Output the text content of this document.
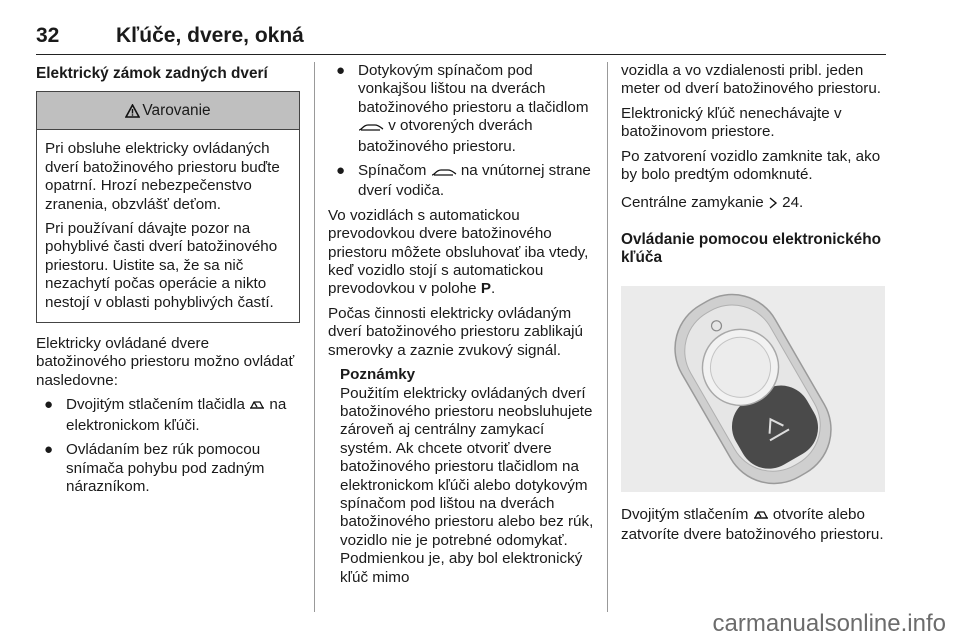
32	Kľúče, dvere, okná
Elektrický zámok zadných dverí
Varovanie

Pri obsluhe elektricky ovládaných dverí batožinového priestoru buďte opatrní. Hrozí nebezpečenstvo zranenia, obzvlášť deťom.

Pri používaní dávajte pozor na pohyblivé časti dverí batožinového priestoru. Uistite sa, že sa nič nezachytí počas operácie a nikto nestojí v oblasti pohyblivých častí.

Elektricky ovládané dvere batožinového priestoru možno ovládať nasledovne:

● Dvojitým stlačením tlačidla na elektronickom kľúči.
● Ovládaním bez rúk pomocou snímača pohybu pod zadným nárazníkom.
● Dotykovým spínačom pod vonkajšou lištou na dverách batožinového priestoru a tlačidlom  v otvorených dverách batožinového priestoru.
● Spínačom na vnútornej strane dverí vodiča.

Vo vozidlách s automatickou prevodovkou dvere batožinového priestoru môžete obsluhovať iba vtedy, keď vozidlo stojí s automatickou prevodovkou v polohe P.

Počas činnosti elektricky ovládaným dverí batožinového priestoru zablikajú smerovky a zaznie zvukový signál.

Poznámky
Použitím elektricky ovládaných dverí batožinového priestoru neobsluhujete zároveň aj centrálny zamykací systém. Ak chcete otvoriť dvere batožinového priestoru tlačidlom na elektronickom kľúči alebo dotykovým spínačom pod lištou na dverách batožinového priestoru alebo bez rúk, vozidlo nie je potrebné odomykať. Podmienkou je, aby bol elektronický kľúč mimo

vozidla a vo vzdialenosti pribl. jeden meter od dverí batožinového priestoru.

Elektronický kľúč nenechávajte v batožinovom priestore.

Po zatvorení vozidlo zamknite tak, ako by bolo predtým odomknuté.

Centrálne zamykanie 24.

Ovládanie pomocou elektronického kľúča

Dvojitým stlačením otvoríte alebo zatvoríte dvere batožinového priestoru.

carmanualsonline.info
